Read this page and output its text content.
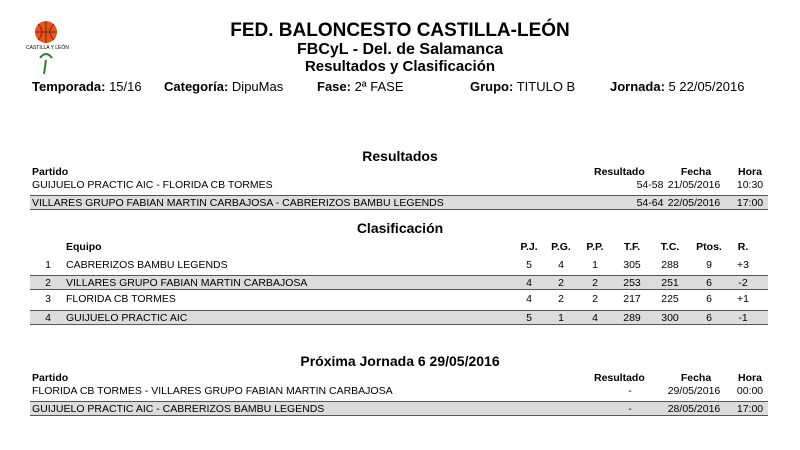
CASTILLA Y LEÓN
FED. BALONCESTO CASTILLA-LEÓN
FBCyL - Del. de Salamanca
Resultados y Clasificación
Temporada: 15/16 Categoría: DipuMas	Fase: 2ª FASE	Grupo: TITULO B	Jornada: 5 22/05/2016
Resultados
Partido	Resultado	Fecha	Hora
GUIJUELO PRACTIC AIC - FLORIDA CB TORMES	54-58 21/05/2016	10:30
VILLARES GRUPO FABIAN MARTIN CARBAJOSA - CABRERIZOS BAMBU LEGENDS	54-64 22/05/2016	17:00
Clasificación
Equipo	P.J.	P.G.	P.P.	T.F.	T.C.	Ptos.	R.
1	CABRERIZOS BAMBU LEGENDS	5	4	1	305	288	9	+3
2	VILLARES GRUPO FABIAN MARTIN CARBAJOSA	4	2	2	253	251	6	-2
3	FLORIDA CB TORMES	4	2	2	217	225	6	+1
4	GUIJUELO PRACTIC AIC	5	1	4	289	300	6	-1
Próxima Jornada 6 29/05/2016
Partido	Resultado	Fecha	Hora
FLORIDA CB TORMES - VILLARES GRUPO FABIAN MARTIN CARBAJOSA	-	29/05/2016	00:00
GUIJUELO PRACTIC AIC - CABRERIZOS BAMBU LEGENDS	-	28/05/2016	17:00
